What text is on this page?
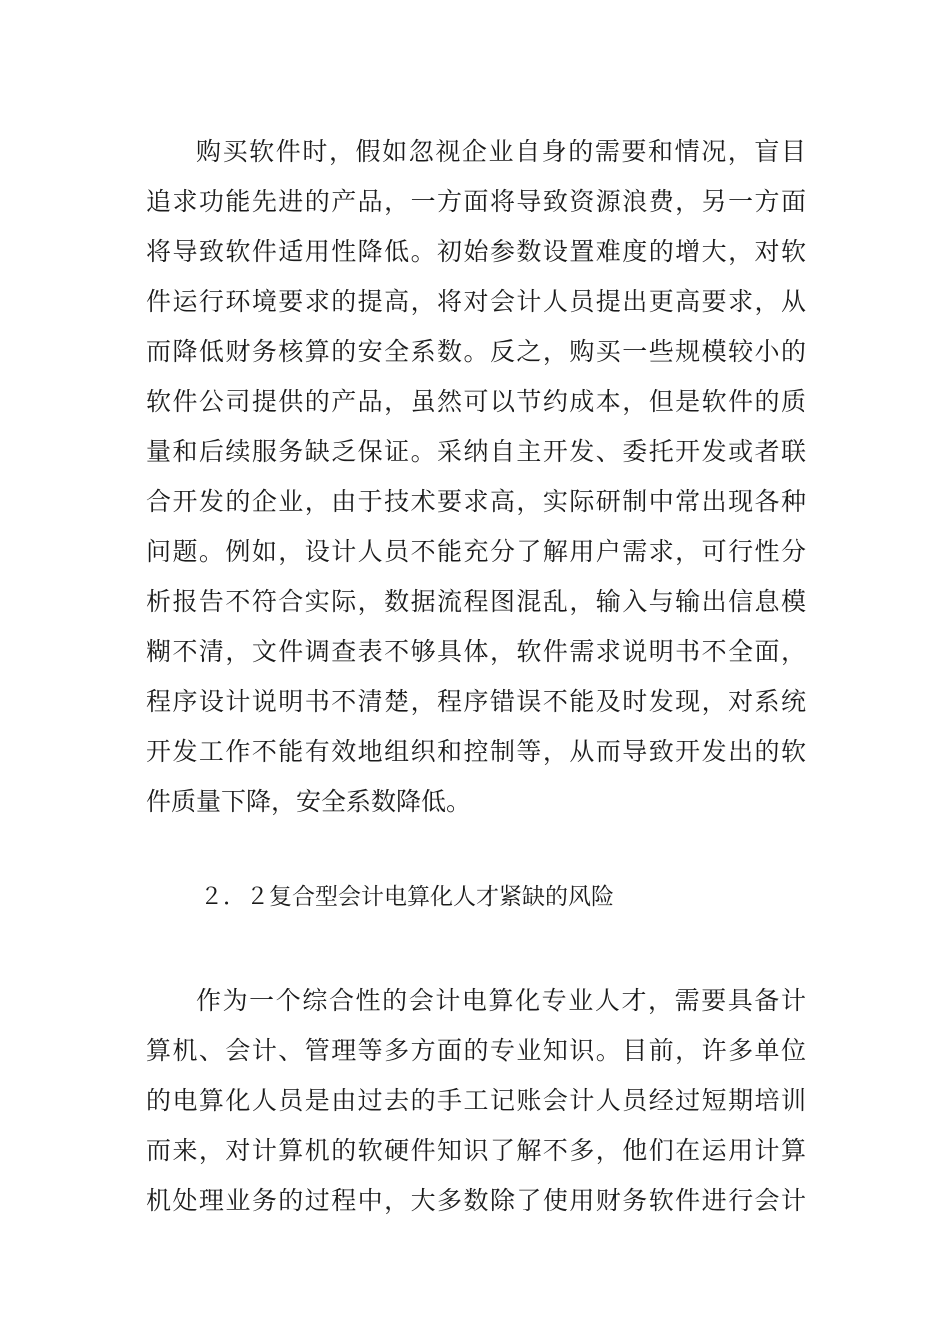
购买软件时，假如忽视企业自身的需要和情况，盲目
追求功能先进的产品，一方面将导致资源浪费，另一方面
将导致软件适用性降低。初始参数设置难度的增大，对软
件运行环境要求的提高，将对会计人员提出更高要求，从
而降低财务核算的安全系数。反之，购买一些规模较小的
软件公司提供的产品，虽然可以节约成本，但是软件的质
量和后续服务缺乏保证。采纳自主开发、委托开发或者联
合开发的企业，由于技术要求高，实际研制中常出现各种
问题。例如，设计人员不能充分了解用户需求，可行性分
析报告不符合实际，数据流程图混乱，输入与输出信息模
糊不清，文件调查表不够具体，软件需求说明书不全面，
程序设计说明书不清楚，程序错误不能及时发现，对系统
开发工作不能有效地组织和控制等，从而导致开发出的软
件质量下降，安全系数降低。
２．２复合型会计电算化人才紧缺的风险
作为一个综合性的会计电算化专业人才，需要具备计
算机、会计、管理等多方面的专业知识。目前，许多单位
的电算化人员是由过去的手工记账会计人员经过短期培训
而来，对计算机的软硬件知识了解不多，他们在运用计算
机处理业务的过程中，大多数除了使用财务软件进行会计
